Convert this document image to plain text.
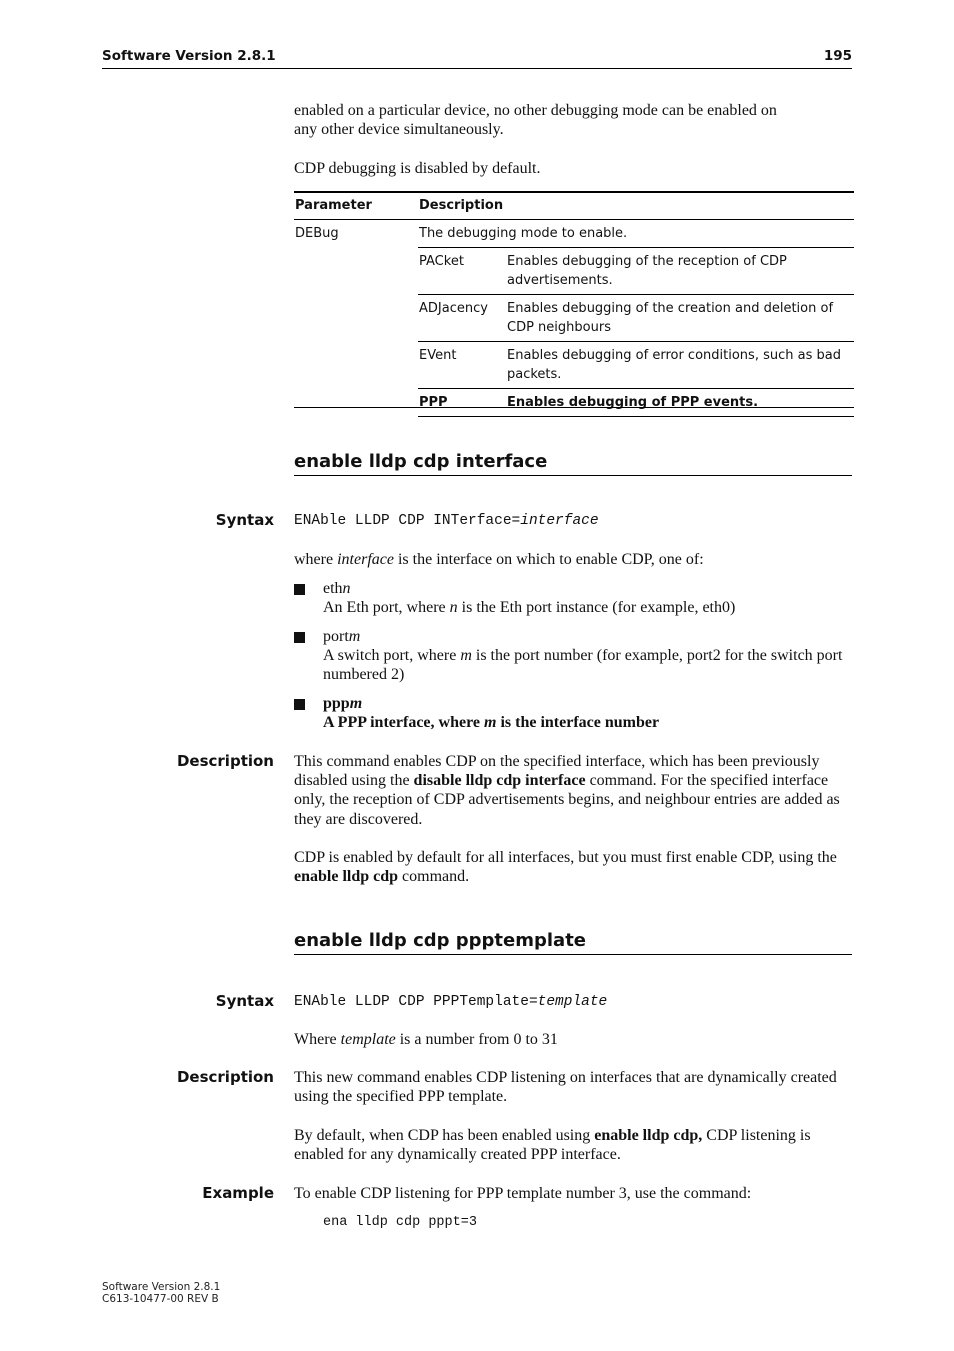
Software Version 2.8.1	195
enabled on a particular device, no other debugging mode can be enabled on
any other device simultaneously.
CDP debugging is disabled by default.
Parameter	Description	
DEBug	The debugging mode to enable.	
	PACket	Enables debugging of the reception of CDP advertisements.
	ADJacency	Enables debugging of the creation and deletion of CDP neighbours
	EVent	Enables debugging of error conditions, such as bad packets.
	PPP	Enables debugging of PPP events.
enable lldp cdp interface
Syntax ENAble LLDP CDP INTerface=interface
where interface is the interface on which to enable CDP, one of:
ethn
An Eth port, where n is the Eth port instance (for example, eth0)
portm
A switch port, where m is the port number (for example, port2 for the switch port numbered 2)
pppm
A PPP interface, where m is the interface number
Description This command enables CDP on the specified interface, which has been previously disabled using the disable lldp cdp interface command. For the specified interface only, the reception of CDP advertisements begins, and neighbour entries are added as they are discovered.
CDP is enabled by default for all interfaces, but you must first enable CDP, using the enable lldp cdp command.
enable lldp cdp ppptemplate
Syntax ENAble LLDP CDP PPPTemplate=template
Where template is a number from 0 to 31
Description This new command enables CDP listening on interfaces that are dynamically created using the specified PPP template.
By default, when CDP has been enabled using enable lldp cdp, CDP listening is enabled for any dynamically created PPP interface.
Example To enable CDP listening for PPP template number 3, use the command:
ena lldp cdp pppt=3
Software Version 2.8.1
C613-10477-00 REV B
